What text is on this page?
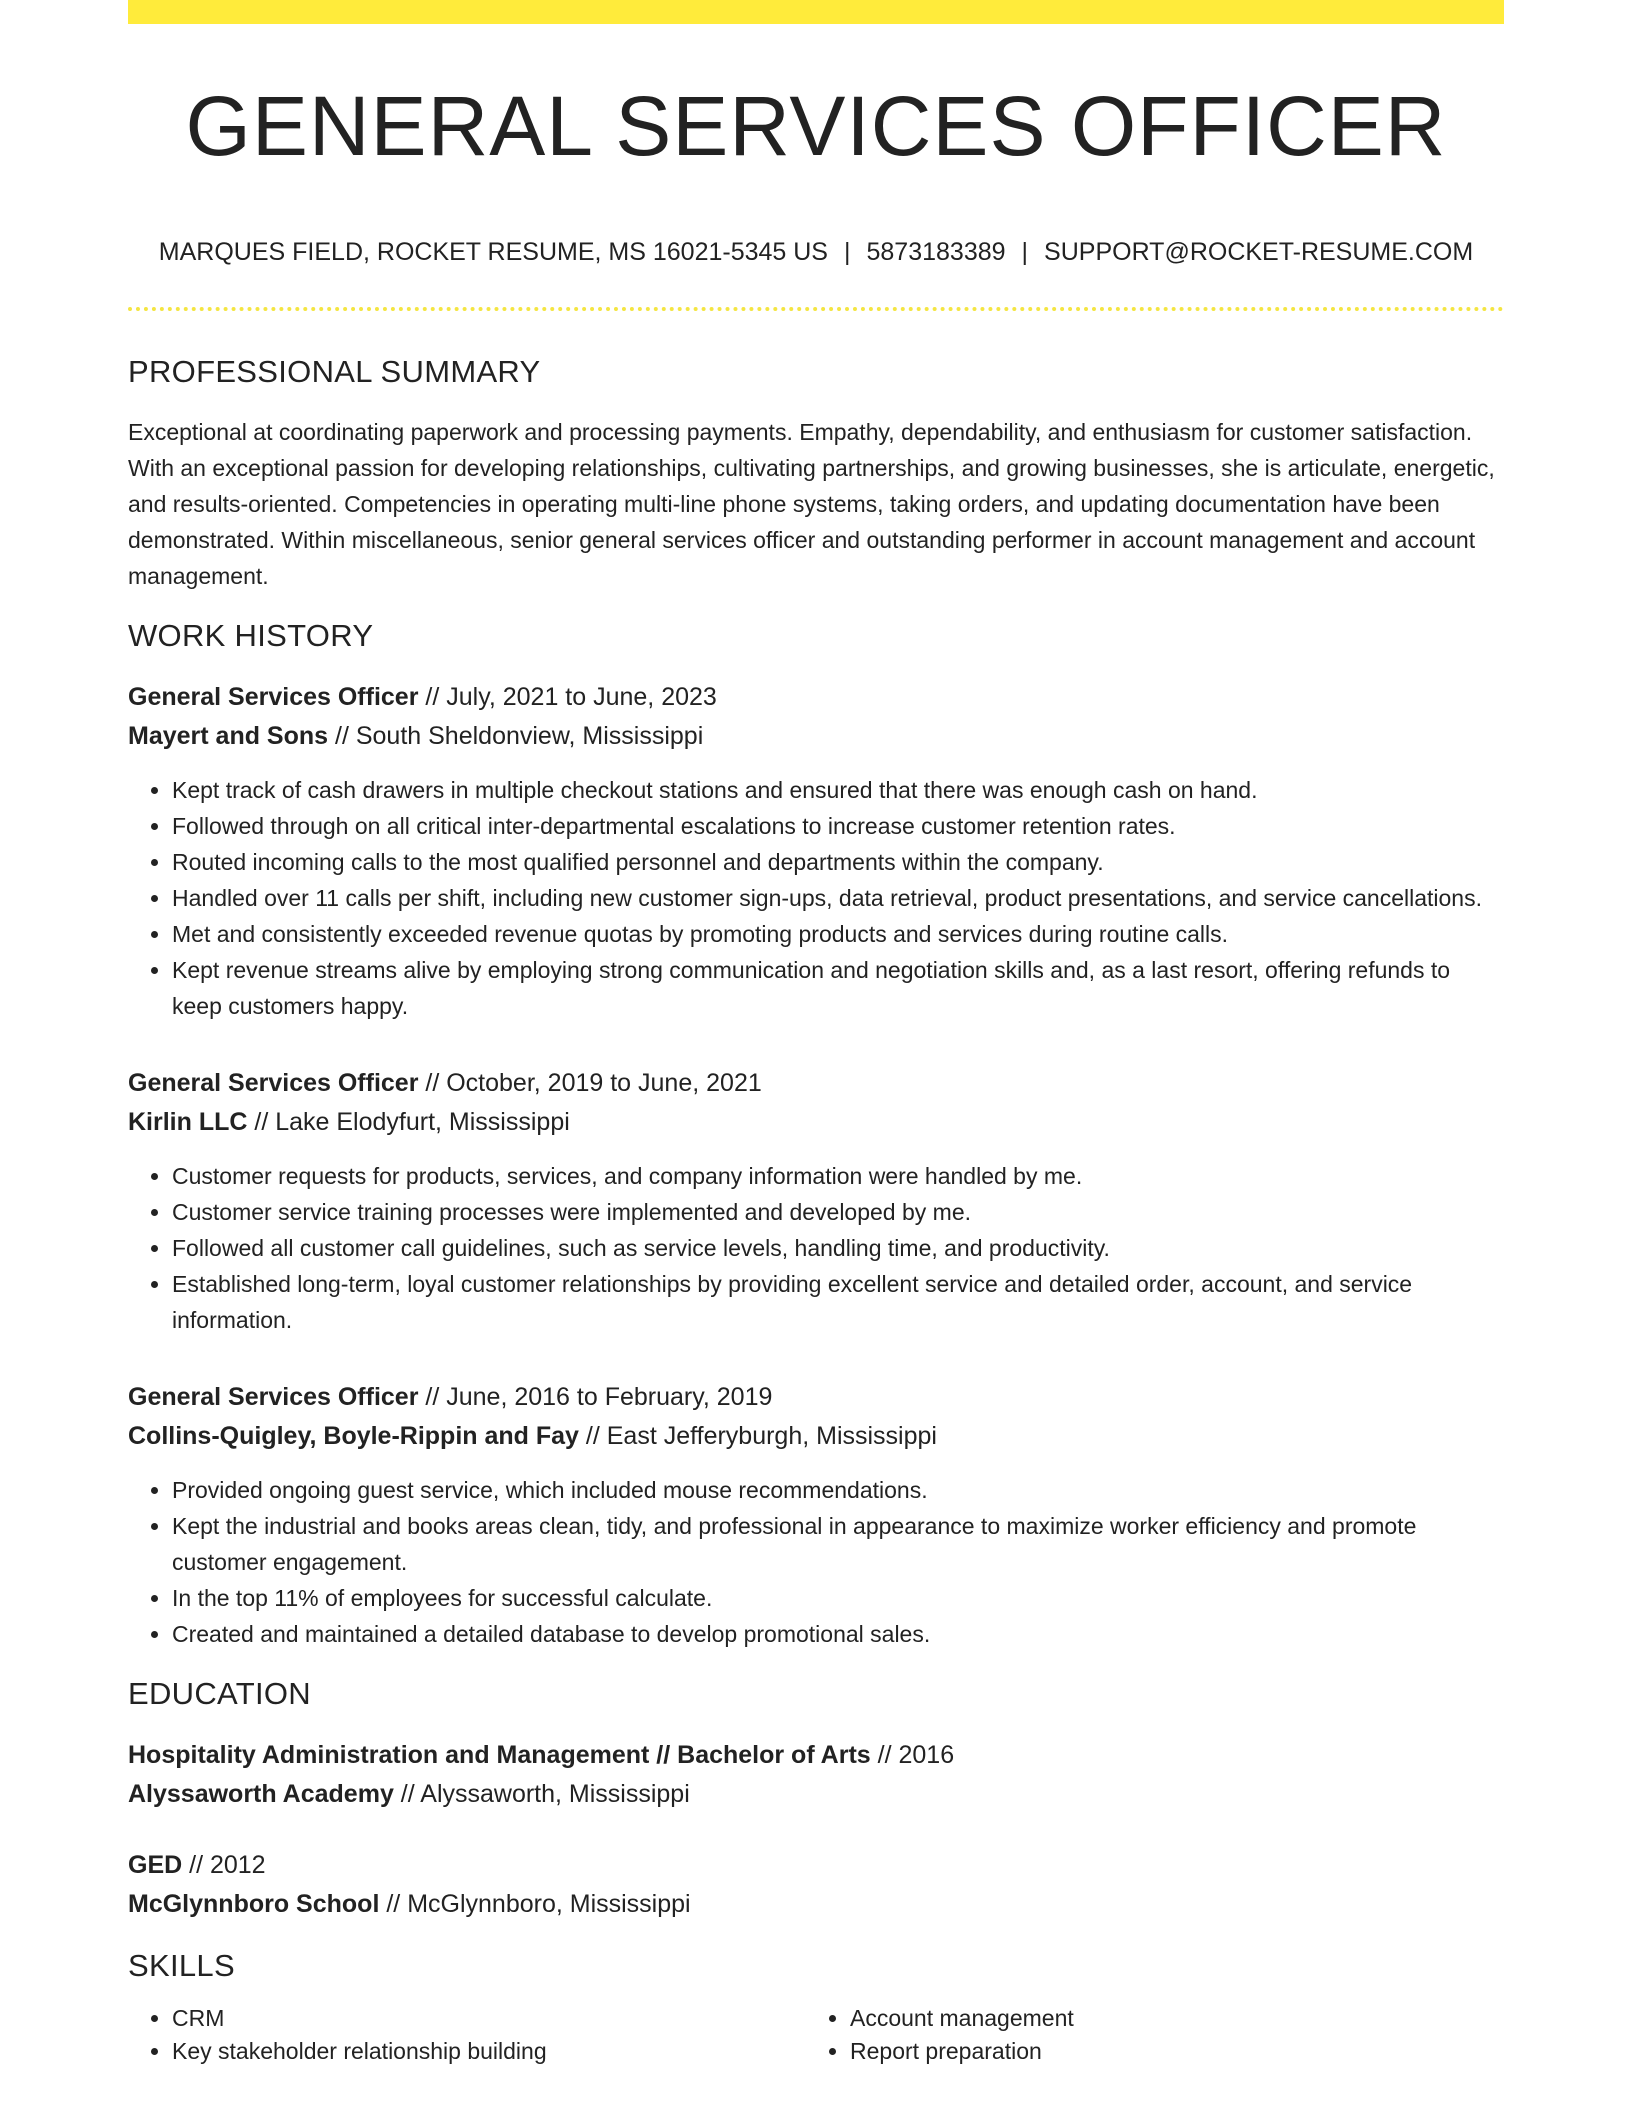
GENERAL SERVICES OFFICER
MARQUES FIELD, ROCKET RESUME, MS 16021-5345 US | 5873183389 | SUPPORT@ROCKET-RESUME.COM
PROFESSIONAL SUMMARY

Exceptional at coordinating paperwork and processing payments. Empathy, dependability, and enthusiasm for customer satisfaction. With an exceptional passion for developing relationships, cultivating partnerships, and growing businesses, she is articulate, energetic, and results-oriented. Competencies in operating multi-line phone systems, taking orders, and updating documentation have been demonstrated. Within miscellaneous, senior general services officer and outstanding performer in account management and account management.

WORK HISTORY
General Services Officer // July, 2021 to June, 2023
Mayert and Sons // South Sheldonview, Mississippi
• Kept track of cash drawers in multiple checkout stations and ensured that there was enough cash on hand.
• Followed through on all critical inter-departmental escalations to increase customer retention rates.
• Routed incoming calls to the most qualified personnel and departments within the company.
• Handled over 11 calls per shift, including new customer sign-ups, data retrieval, product presentations, and service cancellations.
• Met and consistently exceeded revenue quotas by promoting products and services during routine calls.
• Kept revenue streams alive by employing strong communication and negotiation skills and, as a last resort, offering refunds to keep customers happy.
General Services Officer // October, 2019 to June, 2021
Kirlin LLC // Lake Elodyfurt, Mississippi
• Customer requests for products, services, and company information were handled by me.
• Customer service training processes were implemented and developed by me.
• Followed all customer call guidelines, such as service levels, handling time, and productivity.
• Established long-term, loyal customer relationships by providing excellent service and detailed order, account, and service information.
General Services Officer // June, 2016 to February, 2019
Collins-Quigley, Boyle-Rippin and Fay // East Jefferyburgh, Mississippi
• Provided ongoing guest service, which included mouse recommendations.
• Kept the industrial and books areas clean, tidy, and professional in appearance to maximize worker efficiency and promote customer engagement.
• In the top 11% of employees for successful calculate.
• Created and maintained a detailed database to develop promotional sales.
EDUCATION
Hospitality Administration and Management // Bachelor of Arts // 2016
Alyssaworth Academy // Alyssaworth, Mississippi
GED // 2012
McGlynnboro School // McGlynnboro, Mississippi
SKILLS
• CRM
• Key stakeholder relationship building
• Account management
• Report preparation
